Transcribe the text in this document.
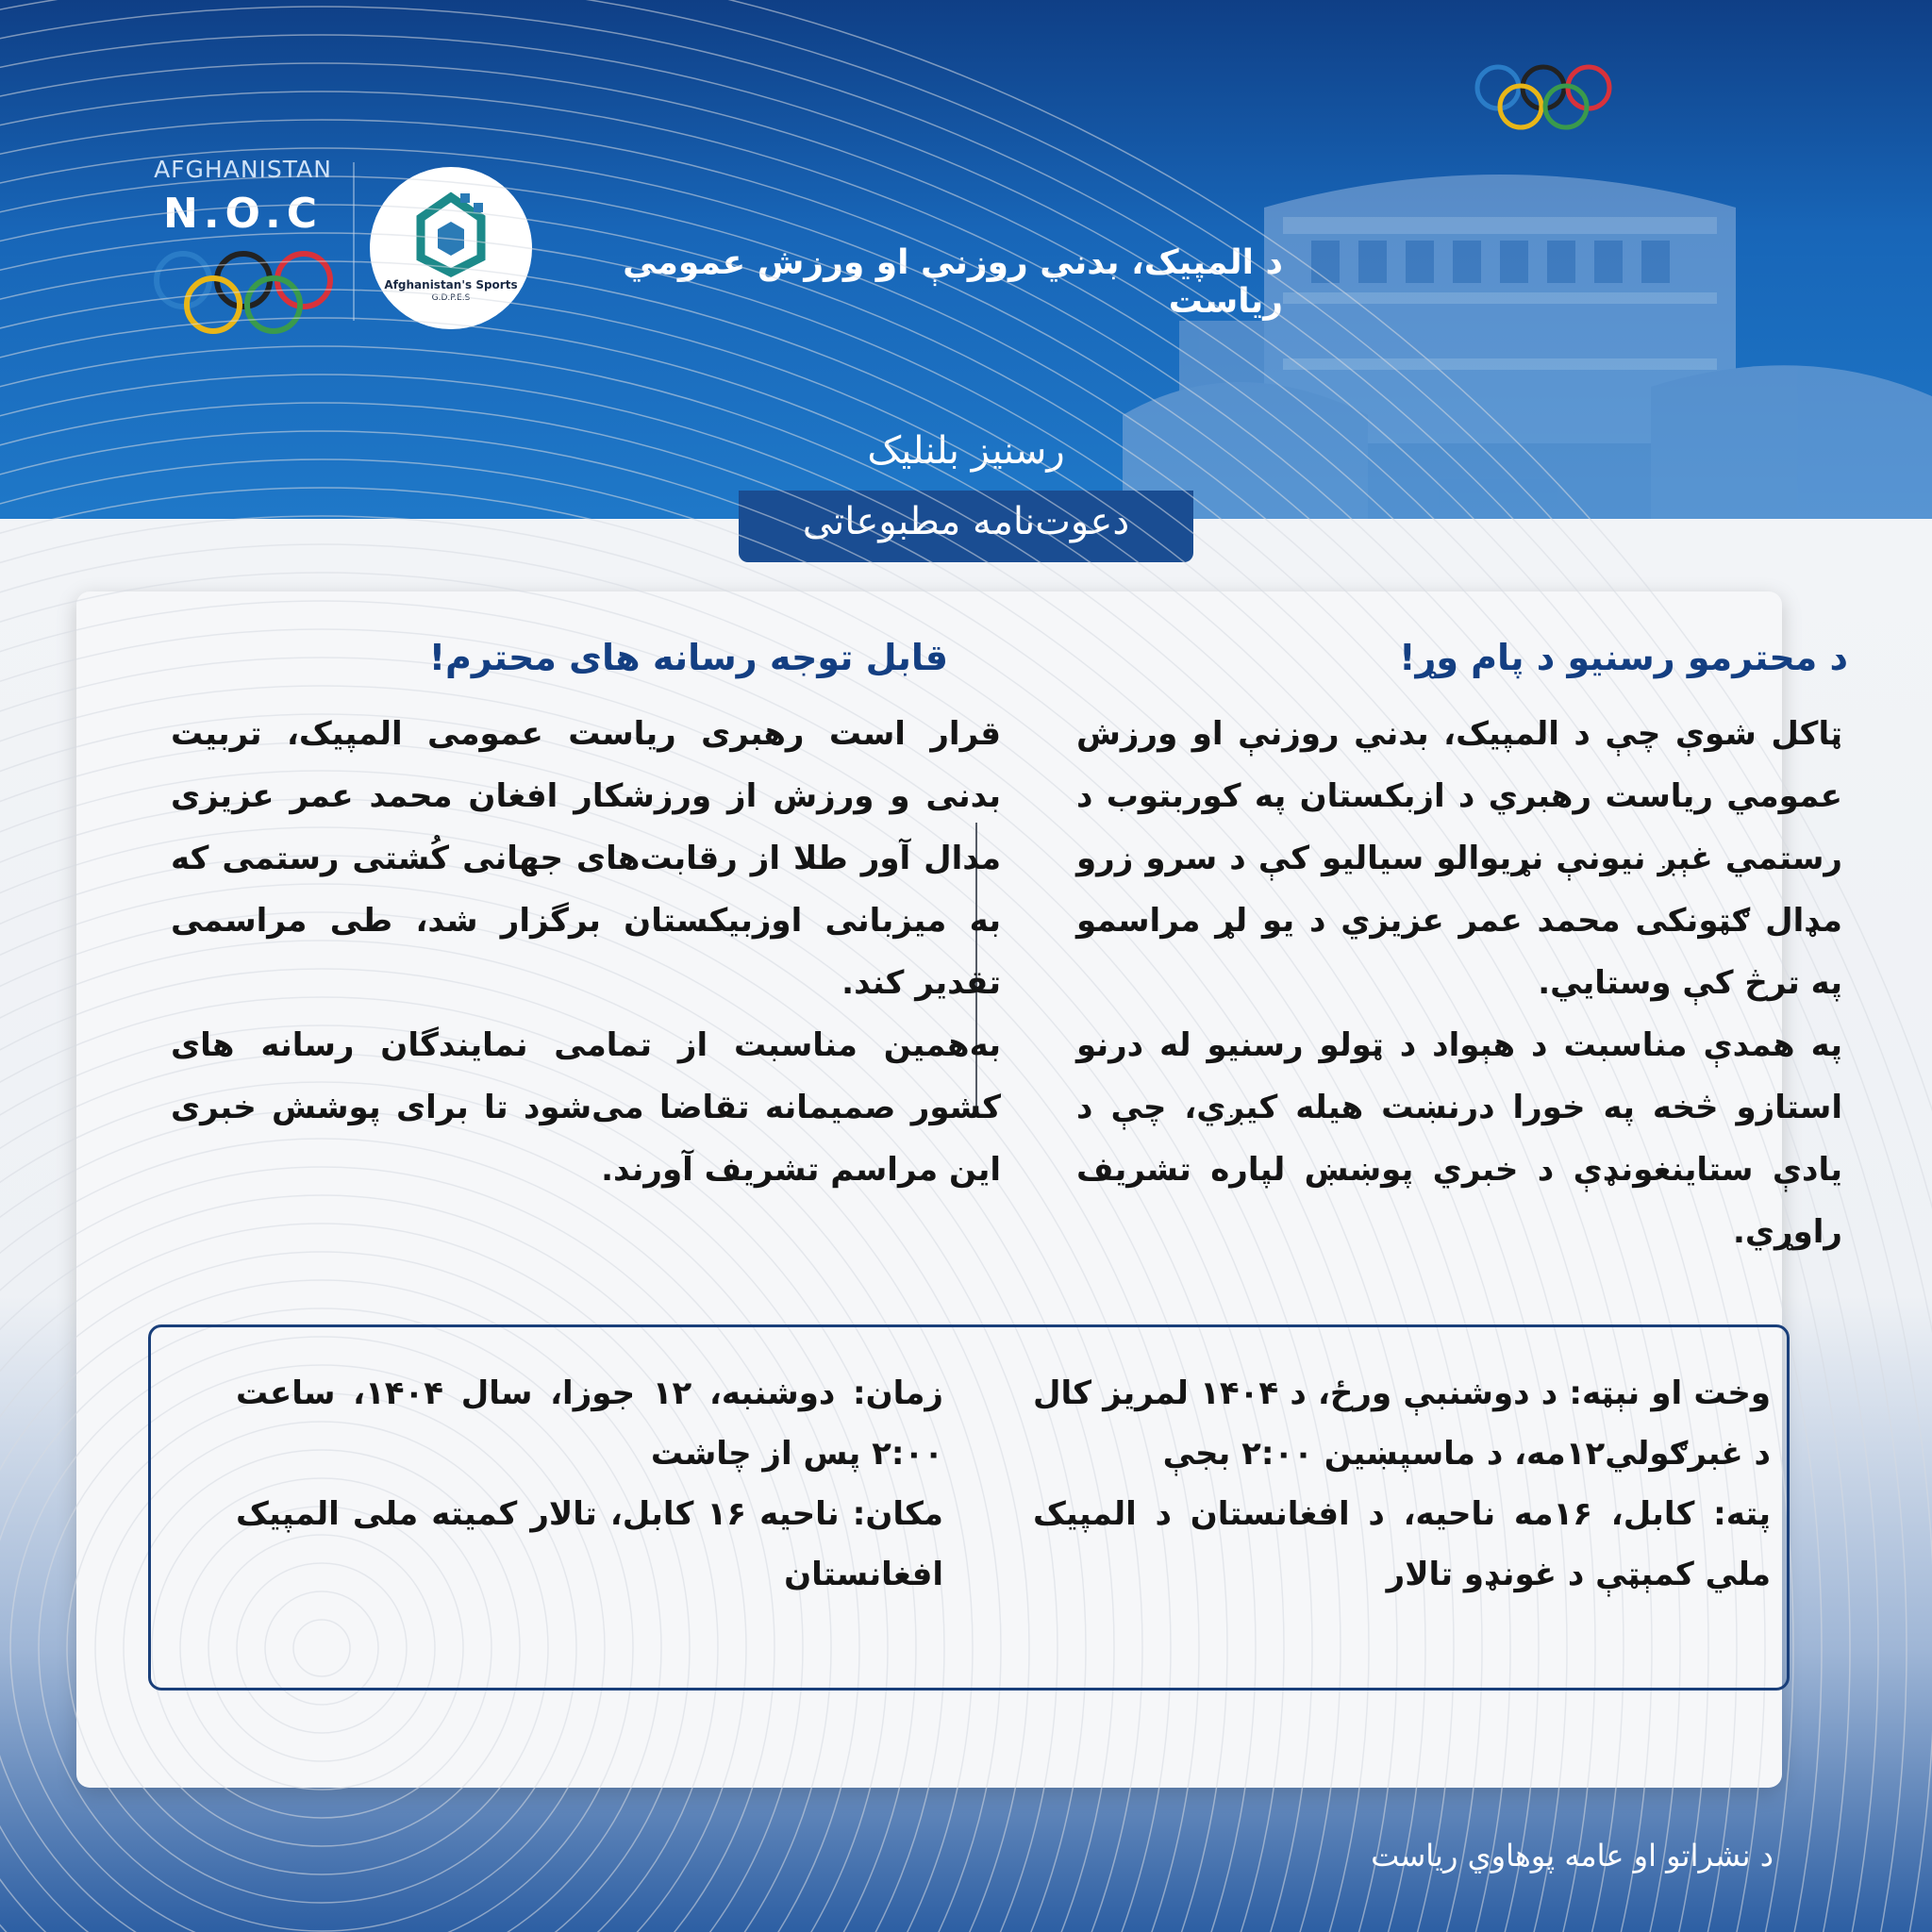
AFGHANISTAN
N.O.C
Afghanistan's Sports
G.D.P.E.S
د المپیک، بدني روزنې او ورزش عمومي ریاست
رسنیز بلنلیک
دعوت‌نامه مطبوعاتی
د محترمو رسنیو د پام وړ!

ټاکل شوې چې د المپیک، بدني روزنې او ورزش عمومي ریاست رهبري د ازبکستان په کوربتوب د رستمي غېږ نیونې نړیوالو سیالیو کې د سرو زرو مډال ګټونکی محمد عمر عزیزي د یو لړ مراسمو په ترڅ کې وستایي.

په همدې مناسبت د هېواد د ټولو رسنیو له درنو استازو څخه په خورا درنښت هیله کیږي، چې د یادې ستاینغونډې د خبري پوښښ لپاره تشریف راوړي.

قابل توجه رسانه های محترم!

قرار است رهبری ریاست عمومی المپیک، تربیت بدنی و ورزش از ورزشکار افغان محمد عمر عزیزی مدال آور طلا از رقابت‌های جهانی کُشتی رستمی که به میزبانی اوزبیکستان برگزار شد، طی مراسمی تقدیر کند.

به‌همین مناسبت از تمامی نمایندگان رسانه های کشور صمیمانه تقاضا می‌شود تا برای پوشش خبری این مراسم تشریف آورند.

وخت او نېټه: د دوشنبې ورځ، د ۱۴۰۴ لمریز کال د غبرګولي۱۲مه، د ماسپښین ۲:۰۰ بجې

پته: کابل، ۱۶مه ناحیه، د افغانستان د المپیک ملي کمېټې د غونډو تالار

زمان: دوشنبه، ۱۲ جوزا، سال ۱۴۰۴، ساعت ۲:۰۰ پس از چاشت

مکان: ناحیه ۱۶ کابل، تالار کمیته ملی المپیک افغانستان

د نشراتو او عامه پوهاوي ریاست
